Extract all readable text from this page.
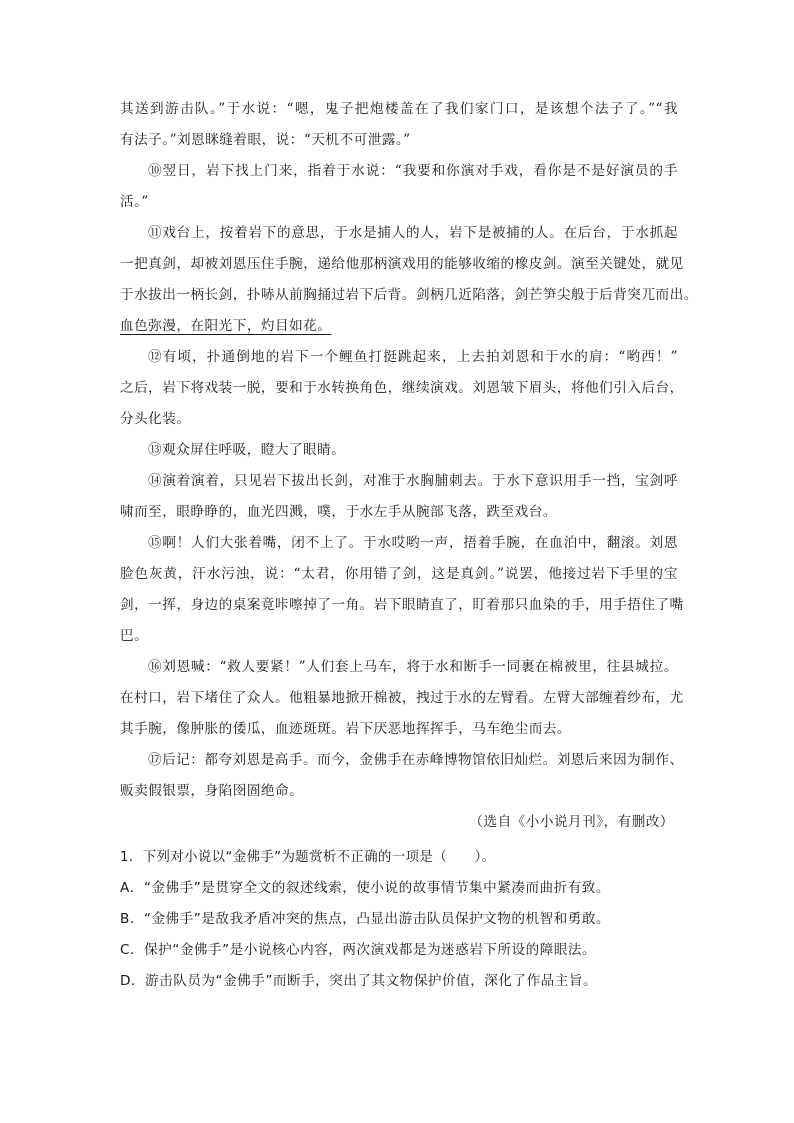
其送到游击队。”于水说：“嗯，鬼子把炮楼盖在了我们家门口，是该想个法子了。”“我
有法子。”刘恩眯缝着眼，说：“天机不可泄露。”
⑩翌日，岩下找上门来，指着于水说：“我要和你演对手戏，看你是不是好演员的手
活。”
⑪戏台上，按着岩下的意思，于水是捕人的人，岩下是被捕的人。在后台，于水抓起
一把真剑，却被刘恩压住手腕，递给他那柄演戏用的能够收缩的橡皮剑。演至关键处，就见
于水拔出一柄长剑，扑哧从前胸捅过岩下后背。剑柄几近陷落，剑芒笋尖般于后背突兀而出。
血色弥漫，在阳光下，灼目如花。
⑫有顷，扑通倒地的岩下一个鲤鱼打挺跳起来，上去拍刘恩和于水的肩：“哟西！”
之后，岩下将戏装一脱，要和于水转换角色，继续演戏。刘恩皱下眉头，将他们引入后台，
分头化装。
⑬观众屏住呼吸，瞪大了眼睛。
⑭演着演着，只见岩下拔出长剑，对准于水胸脯刺去。于水下意识用手一挡，宝剑呼
啸而至，眼睁睁的，血光四溅，噗，于水左手从腕部飞落，跌至戏台。
⑮啊！人们大张着嘴，闭不上了。于水哎哟一声，捂着手腕，在血泊中，翻滚。刘恩
脸色灰黄，汗水污浊，说：“太君，你用错了剑，这是真剑。”说罢，他接过岩下手里的宝
剑，一挥，身边的桌案竟咔嚓掉了一角。岩下眼睛直了，盯着那只血染的手，用手捂住了嘴
巴。
⑯刘恩喊：“救人要紧！”人们套上马车，将于水和断手一同裹在棉被里，往县城拉。
在村口，岩下堵住了众人。他粗暴地掀开棉被，拽过于水的左臂看。左臂大部缠着纱布，尤
其手腕，像肿胀的倭瓜，血迹斑斑。岩下厌恶地挥挥手，马车绝尘而去。
⑰后记：都夸刘恩是高手。而今，金佛手在赤峰博物馆依旧灿烂。刘恩后来因为制作、
贩卖假银票，身陷囹圄绝命。
（选自《小小说月刊》，有删改）
1．下列对小说以“金佛手”为题赏析不正确的一项是（　　）。
A．“金佛手”是贯穿全文的叙述线索，使小说的故事情节集中紧凑而曲折有致。
B．“金佛手”是敌我矛盾冲突的焦点，凸显出游击队员保护文物的机智和勇敢。
C．保护“金佛手”是小说核心内容，两次演戏都是为迷惑岩下所设的障眼法。
D．游击队员为“金佛手”而断手，突出了其文物保护价值，深化了作品主旨。
